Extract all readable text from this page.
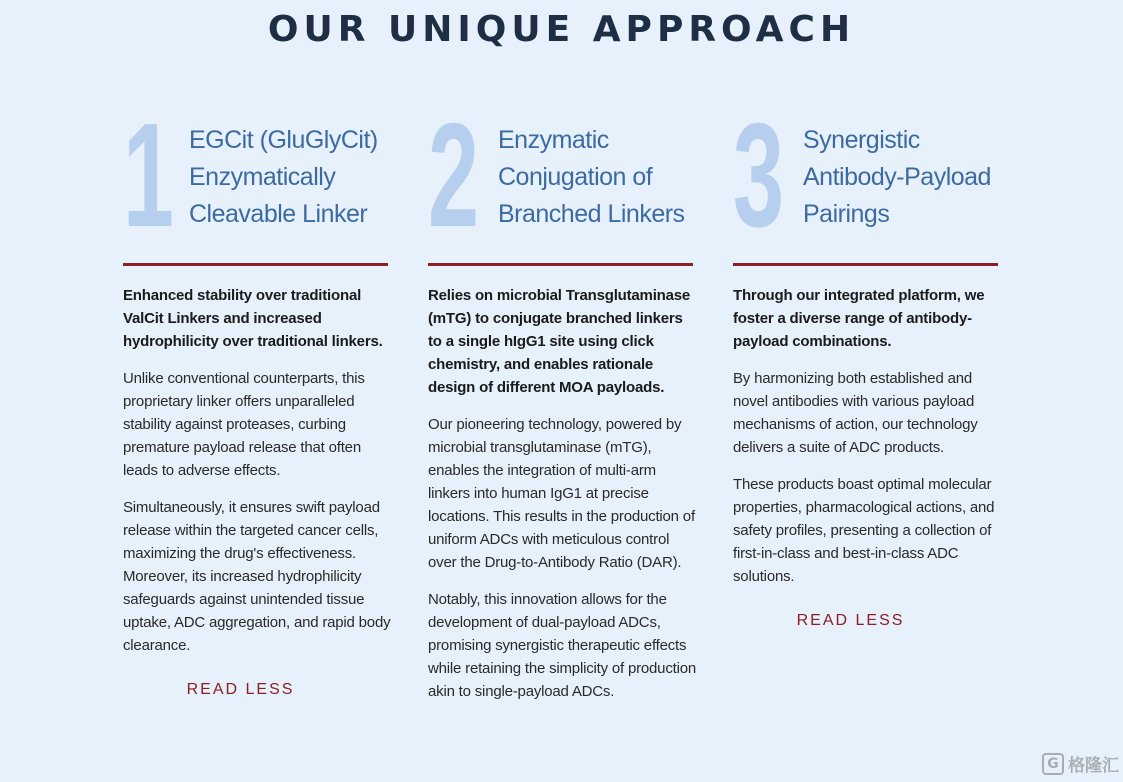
OUR UNIQUE APPROACH
1 EGCit (GluGlyCit)
Enzymatically
Cleavable Linker

Enhanced stability over traditional ValCit Linkers and increased hydrophilicity over traditional linkers.

Unlike conventional counterparts, this proprietary linker offers unparalleled stability against proteases, curbing premature payload release that often leads to adverse effects.

Simultaneously, it ensures swift payload release within the targeted cancer cells, maximizing the drug's effectiveness. Moreover, its increased hydrophilicity safeguards against unintended tissue uptake, ADC aggregation, and rapid body clearance.

READ LESS
2 Enzymatic
Conjugation of
Branched Linkers

Relies on microbial Transglutaminase (mTG) to conjugate branched linkers to a single hIgG1 site using click chemistry, and enables rationale design of different MOA payloads.

Our pioneering technology, powered by microbial transglutaminase (mTG), enables the integration of multi-arm linkers into human IgG1 at precise locations. This results in the production of uniform ADCs with meticulous control over the Drug-to-Antibody Ratio (DAR).

Notably, this innovation allows for the development of dual-payload ADCs, promising synergistic therapeutic effects while retaining the simplicity of production akin to single-payload ADCs.

3 Synergistic
Antibody-Payload
Pairings

Through our integrated platform, we foster a diverse range of antibody-payload combinations.

By harmonizing both established and novel antibodies with various payload mechanisms of action, our technology delivers a suite of ADC products.

These products boast optimal molecular properties, pharmacological actions, and safety profiles, presenting a collection of first-in-class and best-in-class ADC solutions.

READ LESS
G 格隆汇
